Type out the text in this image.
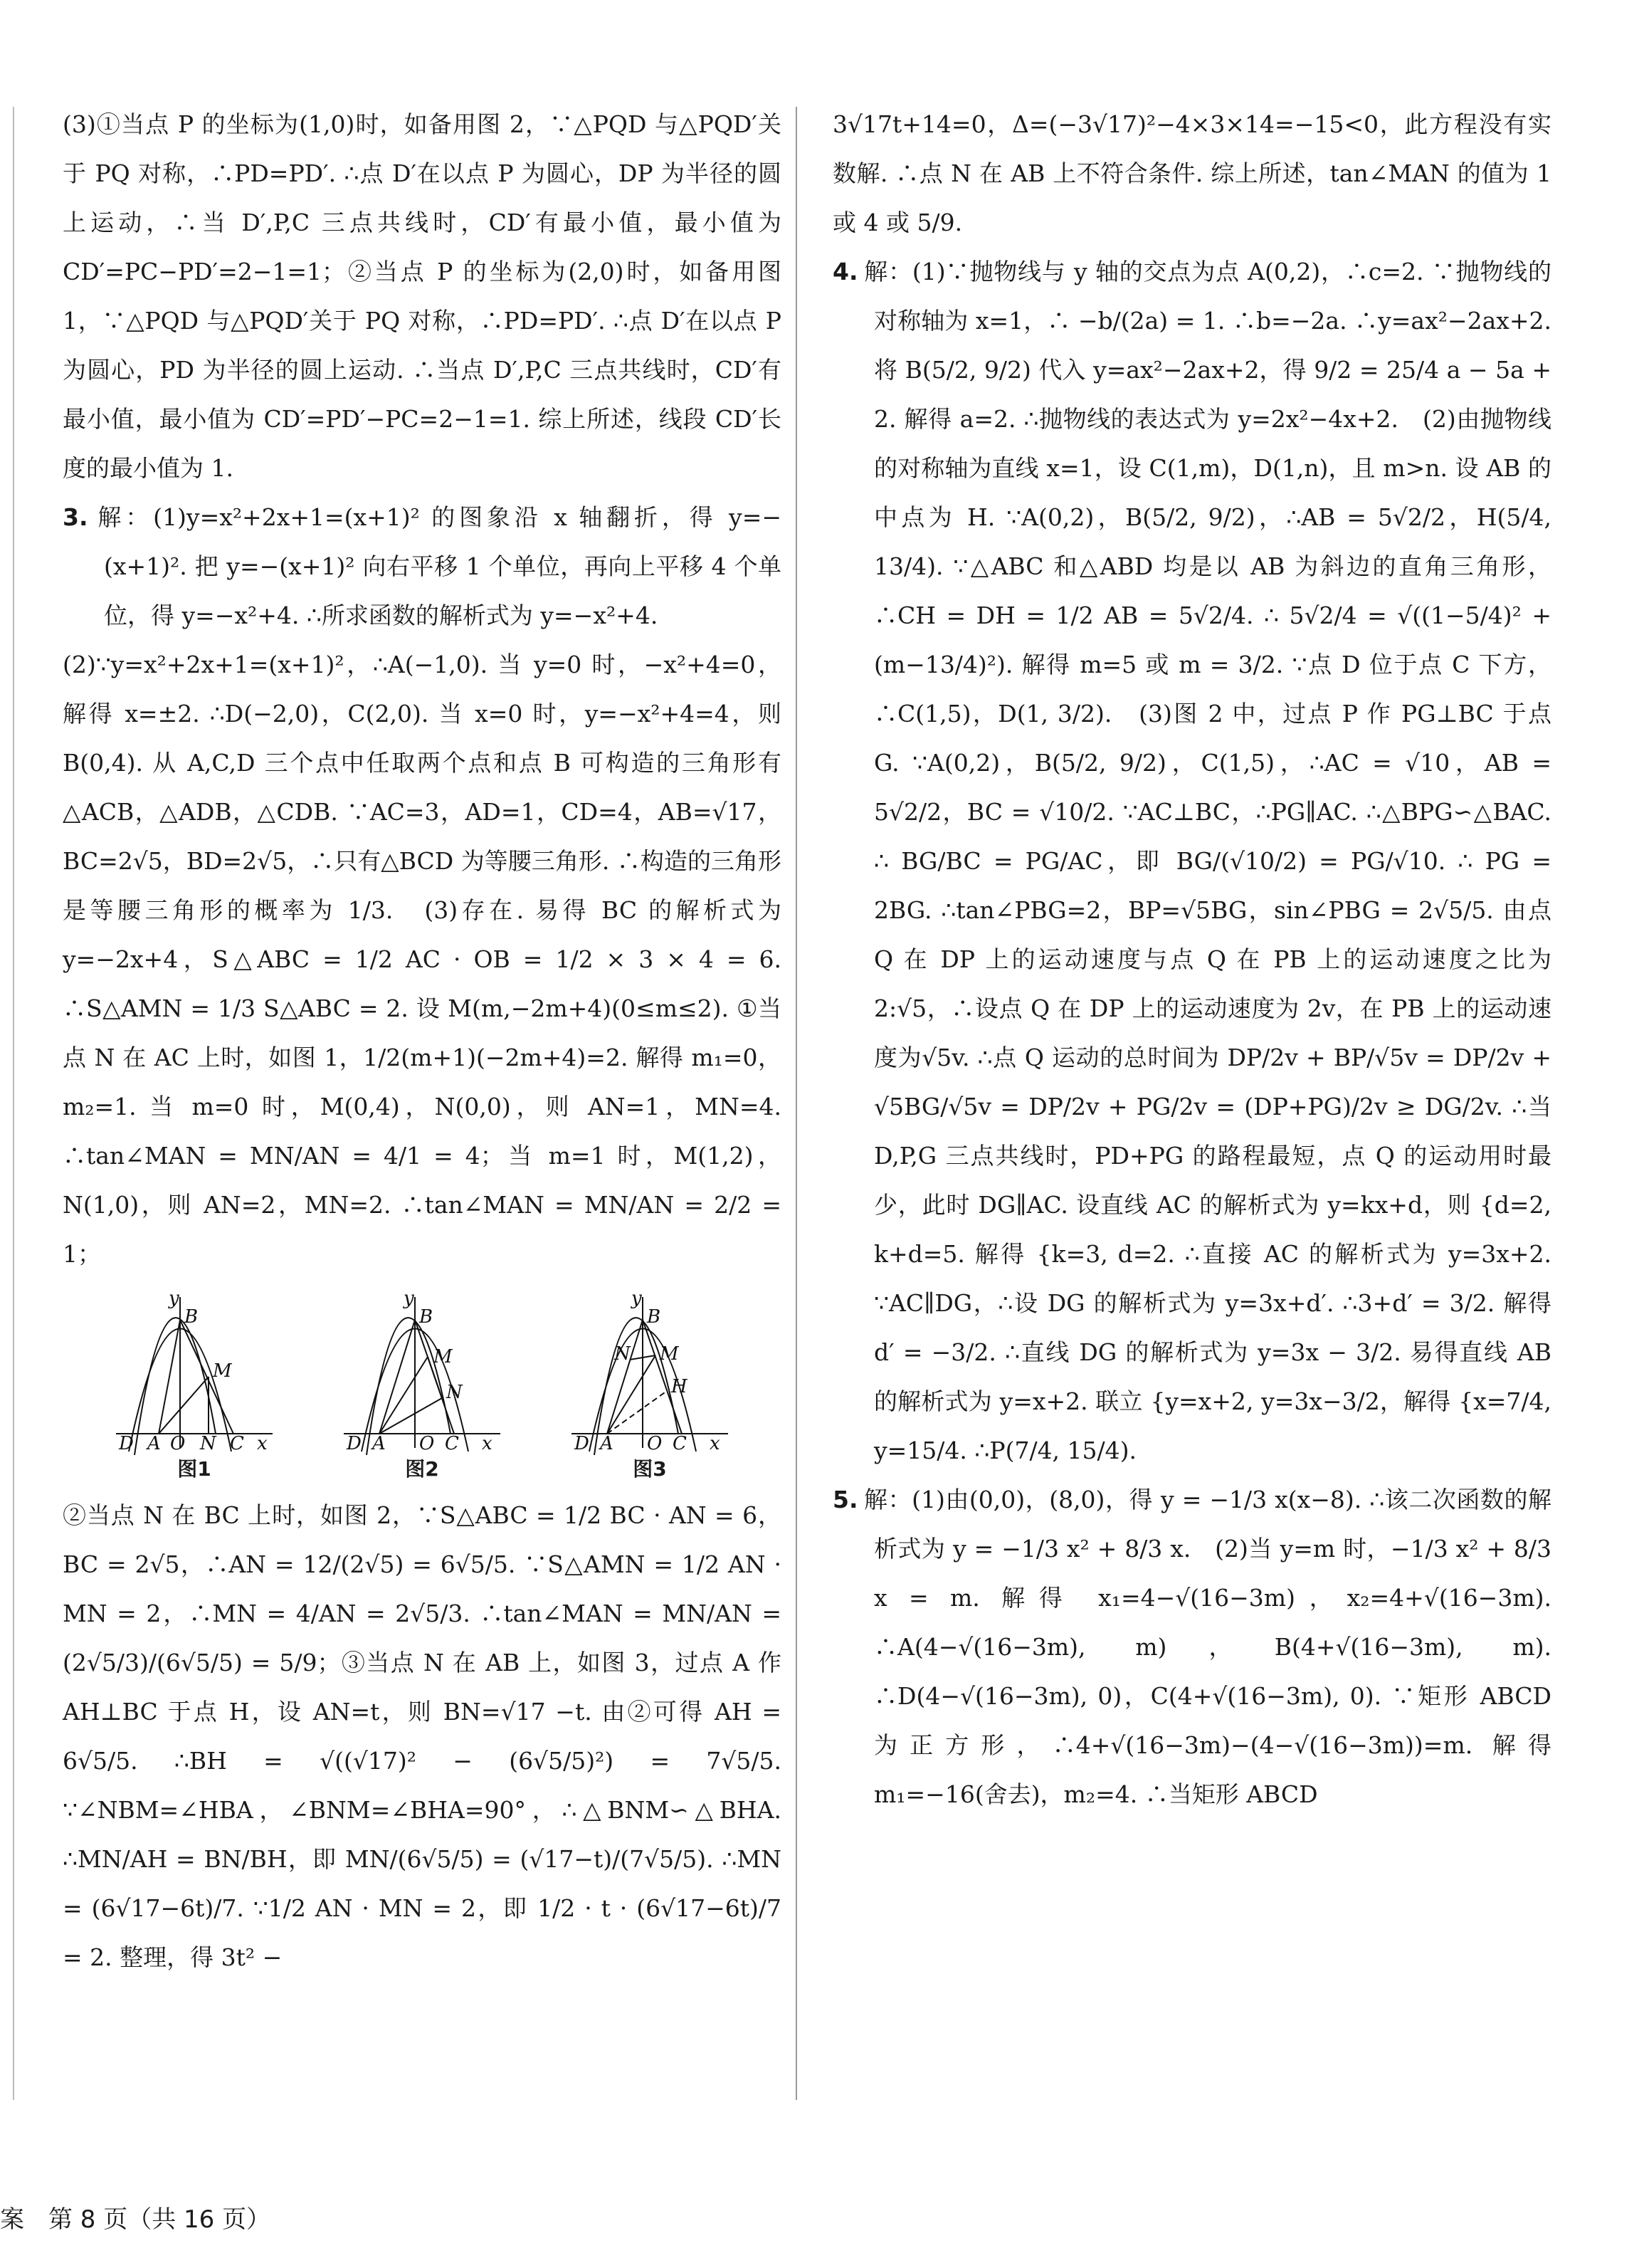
(3)①当点 P 的坐标为(1,0)时，如备用图 2，∵△PQD 与△PQD′关于 PQ 对称，∴PD=PD′. ∴点 D′在以点 P 为圆心，DP 为半径的圆上运动，∴当 D′,P,C 三点共线时，CD′有最小值，最小值为 CD′=PC−PD′=2−1=1；②当点 P 的坐标为(2,0)时，如备用图 1，∵△PQD 与△PQD′关于 PQ 对称，∴PD=PD′. ∴点 D′在以点 P 为圆心，PD 为半径的圆上运动. ∴当点 D′,P,C 三点共线时，CD′有最小值，最小值为 CD′=PD′−PC=2−1=1. 综上所述，线段 CD′长度的最小值为 1.

3. 解：(1)y=x²+2x+1=(x+1)² 的图象沿 x 轴翻折，得 y=−(x+1)². 把 y=−(x+1)² 向右平移 1 个单位，再向上平移 4 个单位，得 y=−x²+4. ∴所求函数的解析式为 y=−x²+4.

(2)∵y=x²+2x+1=(x+1)²，∴A(−1,0). 当 y=0 时，−x²+4=0，解得 x=±2. ∴D(−2,0)，C(2,0). 当 x=0 时，y=−x²+4=4，则 B(0,4). 从 A,C,D 三个点中任取两个点和点 B 可构造的三角形有△ACB，△ADB，△CDB. ∵AC=3，AD=1，CD=4，AB=√17，BC=2√5，BD=2√5，∴只有△BCD 为等腰三角形. ∴构造的三角形是等腰三角形的概率为 1/3.　(3)存在. 易得 BC 的解析式为 y=−2x+4，S△ABC = 1/2 AC · OB = 1/2 × 3 × 4 = 6. ∴S△AMN = 1/3 S△ABC = 2. 设 M(m,−2m+4)(0≤m≤2). ①当点 N 在 AC 上时，如图 1，1/2(m+1)(−2m+4)=2. 解得 m₁=0，m₂=1. 当 m=0 时，M(0,4)，N(0,0)，则 AN=1，MN=4. ∴tan∠MAN = MN/AN = 4/1 = 4；当 m=1 时，M(1,2)，N(1,0)，则 AN=2，MN=2. ∴tan∠MAN = MN/AN = 2/2 = 1；

y
B
M
D A O N C x
图1
y
B
M
N
D A O C x
图2
y
B
N M
H
D A O C x
图3

②当点 N 在 BC 上时，如图 2，∵S△ABC = 1/2 BC · AN = 6，BC = 2√5，∴AN = 12/(2√5) = 6√5/5. ∵S△AMN = 1/2 AN · MN = 2，∴MN = 4/AN = 2√5/3. ∴tan∠MAN = MN/AN = (2√5/3)/(6√5/5) = 5/9；③当点 N 在 AB 上，如图 3，过点 A 作 AH⊥BC 于点 H，设 AN=t，则 BN=√17 −t. 由②可得 AH = 6√5/5. ∴BH = √((√17)² − (6√5/5)²) = 7√5/5. ∵∠NBM=∠HBA，∠BNM=∠BHA=90°，∴△BNM∽△BHA. ∴MN/AH = BN/BH，即 MN/(6√5/5) = (√17−t)/(7√5/5). ∴MN = (6√17−6t)/7. ∵1/2 AN · MN = 2，即 1/2 · t · (6√17−6t)/7 = 2. 整理，得 3t² −

3√17t+14=0，Δ=(−3√17)²−4×3×14=−15<0，此方程没有实数解. ∴点 N 在 AB 上不符合条件. 综上所述，tan∠MAN 的值为 1 或 4 或 5/9.

4. 解：(1)∵抛物线与 y 轴的交点为点 A(0,2)，∴c=2. ∵抛物线的对称轴为 x=1，∴ −b/(2a) = 1. ∴b=−2a. ∴y=ax²−2ax+2. 将 B(5/2, 9/2) 代入 y=ax²−2ax+2，得 9/2 = 25/4 a − 5a + 2. 解得 a=2. ∴抛物线的表达式为 y=2x²−4x+2.　(2)由抛物线的对称轴为直线 x=1，设 C(1,m)，D(1,n)，且 m>n. 设 AB 的中点为 H. ∵A(0,2)，B(5/2, 9/2)，∴AB = 5√2/2，H(5/4, 13/4). ∵△ABC 和△ABD 均是以 AB 为斜边的直角三角形，∴CH = DH = 1/2 AB = 5√2/4. ∴ 5√2/4 = √((1−5/4)² + (m−13/4)²). 解得 m=5 或 m = 3/2. ∵点 D 位于点 C 下方，∴C(1,5)，D(1, 3/2).　(3)图 2 中，过点 P 作 PG⊥BC 于点 G. ∵A(0,2)，B(5/2, 9/2)，C(1,5)，∴AC = √10，AB = 5√2/2，BC = √10/2. ∵AC⊥BC，∴PG∥AC. ∴△BPG∽△BAC. ∴ BG/BC = PG/AC，即 BG/(√10/2) = PG/√10. ∴ PG = 2BG. ∴tan∠PBG=2，BP=√5BG，sin∠PBG = 2√5/5. 由点 Q 在 DP 上的运动速度与点 Q 在 PB 上的运动速度之比为 2:√5，∴设点 Q 在 DP 上的运动速度为 2v，在 PB 上的运动速度为√5v. ∴点 Q 运动的总时间为 DP/2v + BP/√5v = DP/2v + √5BG/√5v = DP/2v + PG/2v = (DP+PG)/2v ≥ DG/2v. ∴当 D,P,G 三点共线时，PD+PG 的路程最短，点 Q 的运动用时最少，此时 DG∥AC. 设直线 AC 的解析式为 y=kx+d，则 {d=2, k+d=5. 解得 {k=3, d=2. ∴直接 AC 的解析式为 y=3x+2. ∵AC∥DG，∴设 DG 的解析式为 y=3x+d′. ∴3+d′ = 3/2. 解得 d′ = −3/2. ∴直线 DG 的解析式为 y=3x − 3/2. 易得直线 AB 的解析式为 y=x+2. 联立 {y=x+2, y=3x−3/2，解得 {x=7/4, y=15/4. ∴P(7/4, 15/4).

5. 解：(1)由(0,0)，(8,0)，得 y = −1/3 x(x−8). ∴该二次函数的解析式为 y = −1/3 x² + 8/3 x.　(2)当 y=m 时，−1/3 x² + 8/3 x = m. 解得 x₁=4−√(16−3m)，x₂=4+√(16−3m). ∴A(4−√(16−3m), m)，B(4+√(16−3m), m). ∴D(4−√(16−3m), 0)，C(4+√(16−3m), 0). ∵矩形 ABCD 为正方形，∴4+√(16−3m)−(4−√(16−3m))=m. 解得 m₁=−16(舍去)，m₂=4. ∴当矩形 ABCD

案　第 8 页（共 16 页）
